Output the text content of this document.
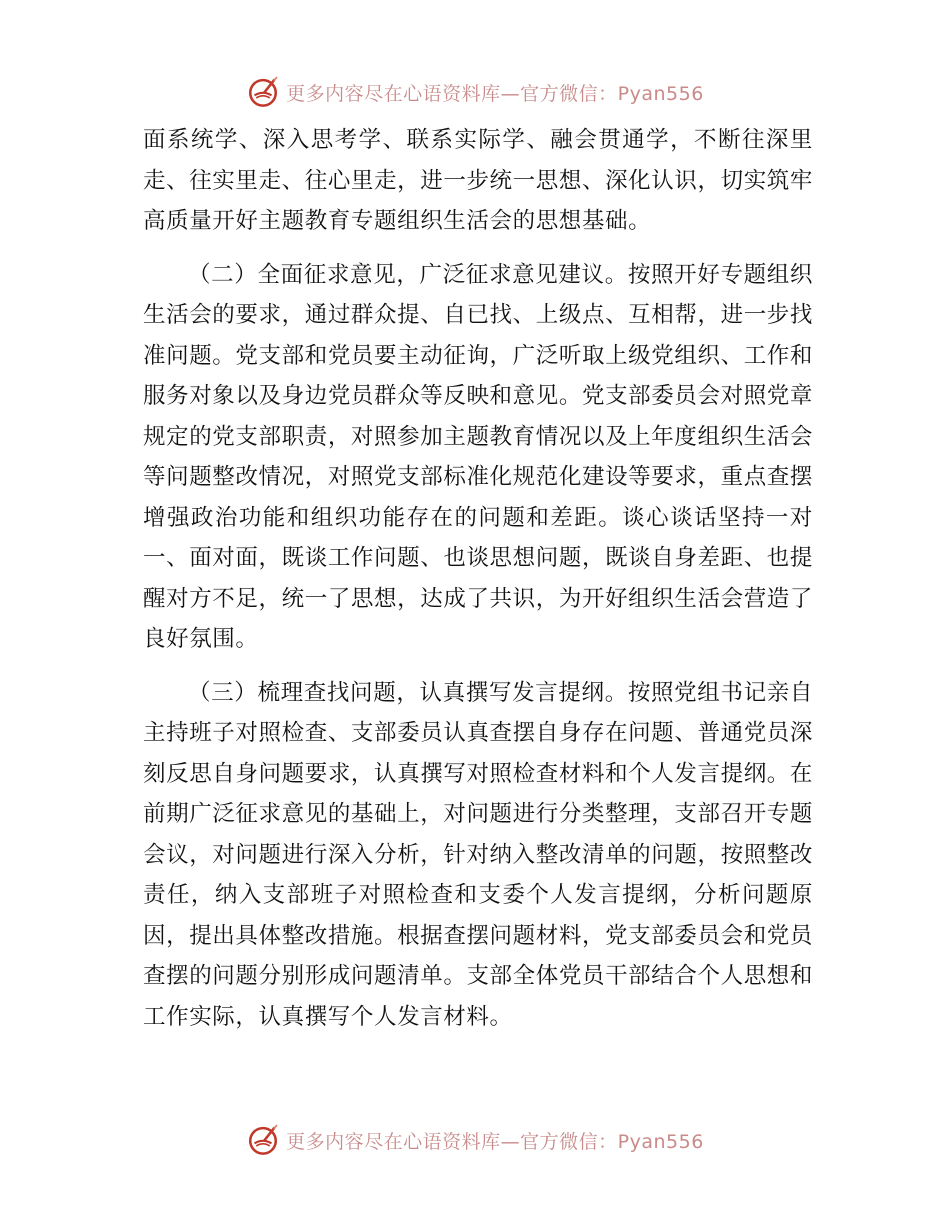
更多内容尽在心语资料库—官方微信：Pyan556

面系统学、深入思考学、联系实际学、融会贯通学，不断往深里走、往实里走、往心里走，进一步统一思想、深化认识，切实筑牢高质量开好主题教育专题组织生活会的思想基础。

（二）全面征求意见，广泛征求意见建议。按照开好专题组织生活会的要求，通过群众提、自已找、上级点、互相帮，进一步找准问题。党支部和党员要主动征询，广泛听取上级党组织、工作和服务对象以及身边党员群众等反映和意见。党支部委员会对照党章规定的党支部职责，对照参加主题教育情况以及上年度组织生活会等问题整改情况，对照党支部标准化规范化建设等要求，重点查摆增强政治功能和组织功能存在的问题和差距。谈心谈话坚持一对一、面对面，既谈工作问题、也谈思想问题，既谈自身差距、也提醒对方不足，统一了思想，达成了共识，为开好组织生活会营造了良好氛围。

（三）梳理查找问题，认真撰写发言提纲。按照党组书记亲自主持班子对照检查、支部委员认真查摆自身存在问题、普通党员深刻反思自身问题要求，认真撰写对照检查材料和个人发言提纲。在前期广泛征求意见的基础上，对问题进行分类整理，支部召开专题会议，对问题进行深入分析，针对纳入整改清单的问题，按照整改责任，纳入支部班子对照检查和支委个人发言提纲，分析问题原因，提出具体整改措施。根据查摆问题材料，党支部委员会和党员查摆的问题分别形成问题清单。支部全体党员干部结合个人思想和工作实际，认真撰写个人发言材料。

更多内容尽在心语资料库—官方微信：Pyan556
